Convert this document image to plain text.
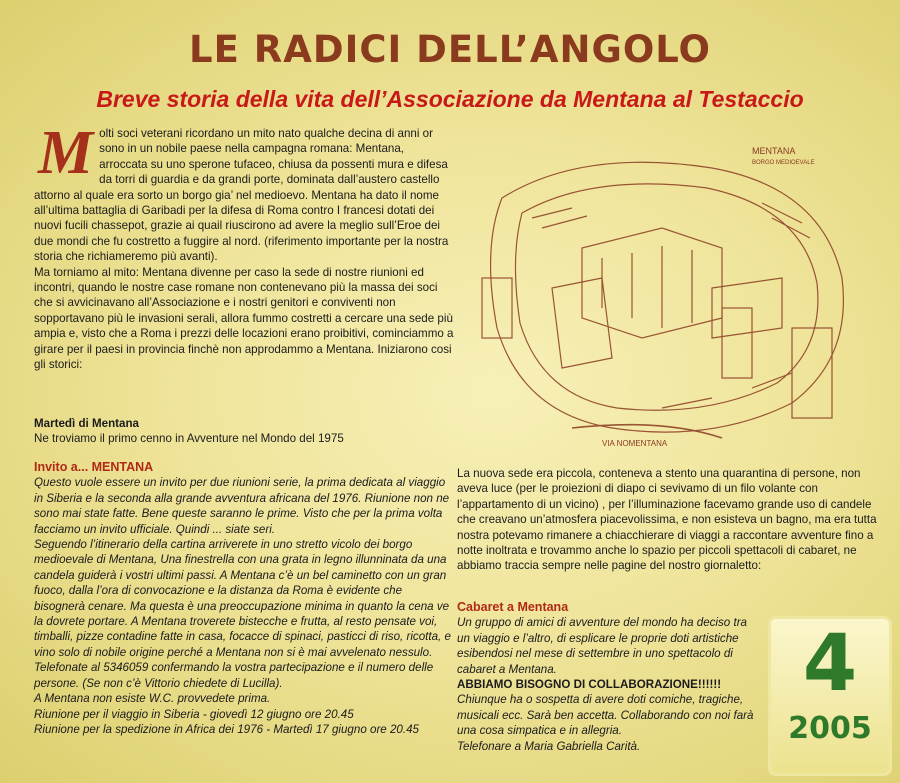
LE RADICI DELL’ANGOLO
Breve storia della vita dell’Associazione da Mentana al Testaccio
M olti soci veterani ricordano un mito nato qualche decina di anni or sono in un nobile paese nella campagna romana: Mentana, arroccata su uno sperone tufaceo, chiusa da possenti mura e difesa da torri di guardia e da grandi porte, dominata dall’austero castello attorno al quale era sorto un borgo gia’ nel medioevo. Mentana ha dato il nome all’ultima battaglia di Garibadi per la difesa di Roma contro I francesi dotati dei nuovi fucili chassepot, grazie ai quail riuscirono ad avere la meglio sull’Eroe dei due mondi che fu costretto a fuggire al nord. (riferimento importante per la nostra storia che richiameremo più avanti).

Ma torniamo al mito: Mentana divenne per caso la sede di nostre riunioni ed incontri, quando le nostre case romane non contenevano più la massa dei soci che si avvicinavano all’Associazione e i nostri genitori e conviventi non sopportavano più le invasioni serali, allora fummo costretti a cercare una sede più ampia e, visto che a Roma i prezzi delle locazioni erano proibitivi, cominciammo a girare per il paesi in provincia finchè non approdammo a Mentana. Iniziarono cosi gli storici:

MENTANA
BORGO MEDIOEVALE
VIA NOMENTANA

Martedì di Mentana

Ne troviamo il primo cenno in Avventure nel Mondo del 1975

Invito a... MENTANA

Questo vuole essere un invito per due riunioni serie, la prima dedicata al viaggio in Siberia e la seconda alla grande avventura africana del 1976. Riunione non ne sono mai state fatte. Bene queste saranno le prime. Visto che per la prima volta facciamo un invito ufficiale. Quindi ... siate seri.

Seguendo l’itinerario della cartina arriverete in uno stretto vicolo dei borgo medioevale di Mentana, Una finestrella con una grata in legno illunninata da una candela guiderà i vostri ultimi passi. A Mentana c’è un bel caminetto con un gran fuoco, dalla l’ora di convocazione e la distanza da Roma è evidente che bisognerà cenare. Ma questa è una preoccupazione minima in quanto la cena ve la dovrete portare. A Mentana troverete bistecche e frutta, al resto pensate voi, timballi, pizze contadine fatte in casa, focacce di spinaci, pasticci di riso, ricotta, e vino solo di nobile origine perché a Mentana non si è mai avvelenato nessulo. Telefonate al 5346059 confermando la vostra partecipazione e il numero delle persone. (Se non c’è Vittorio chiedete di Lucilla).

A Mentana non esiste W.C. provvedete prima.

Riunione per il viaggio in Siberia - giovedì 12 giugno ore 20.45

Riunione per la spedizione in Africa dei 1976 - Martedì 17 giugno ore 20.45

La nuova sede era piccola, conteneva a stento una quarantina di persone, non aveva luce (per le proiezioni di diapo ci sevivamo di un filo volante con l’appartamento di un vicino) , per l’illuminazione facevamo grande uso di candele che creavano un’atmosfera piacevolissima, e non esisteva un bagno, ma era tutta nostra potevamo rimanere a chiacchierare di viaggi a raccontare avventure fino a notte inoltrata e trovammo anche lo spazio per piccoli spettacoli di cabaret, ne abbiamo traccia sempre nelle pagine del nostro giornaletto:

Cabaret a Mentana

Un gruppo di amici di avventure del mondo ha deciso tra un viaggio e l’altro, di esplicare le proprie doti artistiche esibendosi nel mese di settembre in uno spettacolo di cabaret a Mentana.

ABBIAMO BISOGNO DI COLLABORAZIONE!!!!!!

Chiunque ha o sospetta di avere doti comiche, tragiche, musicali ecc. Sarà ben accetta. Collaborando con noi farà una cosa simpatica e in allegria.

Telefonare a Maria Gabriella Carità.

4
2005
